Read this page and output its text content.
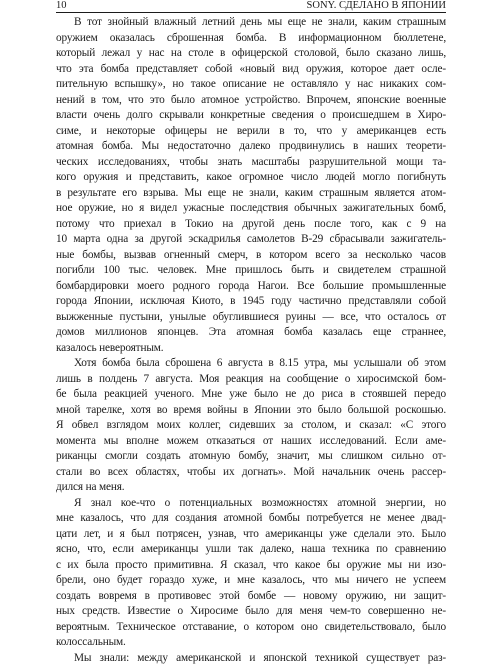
10	SONY. СДЕЛАНО В ЯПОНИИ
В тот знойный влажный летний день мы еще не знали, каким страшным
оружием оказалась сброшенная бомба. В информационном бюллетене,
который лежал у нас на столе в офицерской столовой, было сказано лишь,
что эта бомба представляет собой «новый вид оружия, которое дает ослe-
пительную вспышку», но такое описание не оставляло у нас никаких сом-
нений в том, что это было атомное устройство. Впрочем, японские военные
власти очень долго скрывали конкретные сведения о происшедшем в Хиро-
симе, и некоторые офицеры не верили в то, что у американцев есть
атомная бомба. Мы недостаточно далеко продвинулись в наших теорети-
ческих исследованиях, чтобы знать масштабы разрушительной мощи та-
кого оружия и представить, какое огромное число людей могло погибнуть
в результате его взрыва. Мы еще не знали, каким страшным является атом-
ное оружие, но я видел ужасные последствия обычных зажигательных бомб,
потому что приехал в Токио на другой день после того, как с 9 на
10 марта одна за другой эскадрилья самолетов B-29 сбрасывали зажигатель-
ные бомбы, вызвав огненный смерч, в котором всего за несколько часов
погибли 100 тыс. человек. Мне пришлось быть и свидетелем страшной
бомбардировки моего родного города Нагои. Все большие промышленные
города Японии, исключая Киото, в 1945 году частично представляли собой
выжженные пустыни, унылые обуглившиеся руины — все, что осталось от
домов миллионов японцев. Эта атомная бомба казалась еще страннее,
казалось невероятным.
Хотя бомба была сброшена 6 августа в 8.15 утра, мы услышали об этом
лишь в полдень 7 августа. Моя реакция на сообщение о хиросимской бом-
бе была реакцией ученого. Мне уже было не до риса в стоявшей передо
мной тарелке, хотя во время войны в Японии это было большой роскошью.
Я обвел взглядом моих коллег, сидевших за столом, и сказал: «С этого
момента мы вполне можем отказаться от наших исследований. Если аме-
риканцы смогли создать атомную бомбу, значит, мы слишком сильно от-
стали во всех областях, чтобы их догнать». Мой начальник очень рассер-
дился на меня.
Я знал кое-что о потенциальных возможностях атомной энергии, но
мне казалось, что для создания атомной бомбы потребуется не менее двад-
цати лет, и я был потрясен, узнав, что американцы уже сделали это. Было
ясно, что, если американцы ушли так далеко, наша техника по сравнению
с их была просто примитивна. Я сказал, что какое бы оружие мы ни изо-
брели, оно будет гораздо хуже, и мне казалось, что мы ничего не успеем
создать вовремя в противовес этой бомбе — новому оружию, ни защит-
ных средств. Известие о Хиросиме было для меня чем-то совершенно не-
вероятным. Техническое отставание, о котором оно свидетельствовало, было
колоссальным.
Мы знали: между американской и японской техникой существует раз-
